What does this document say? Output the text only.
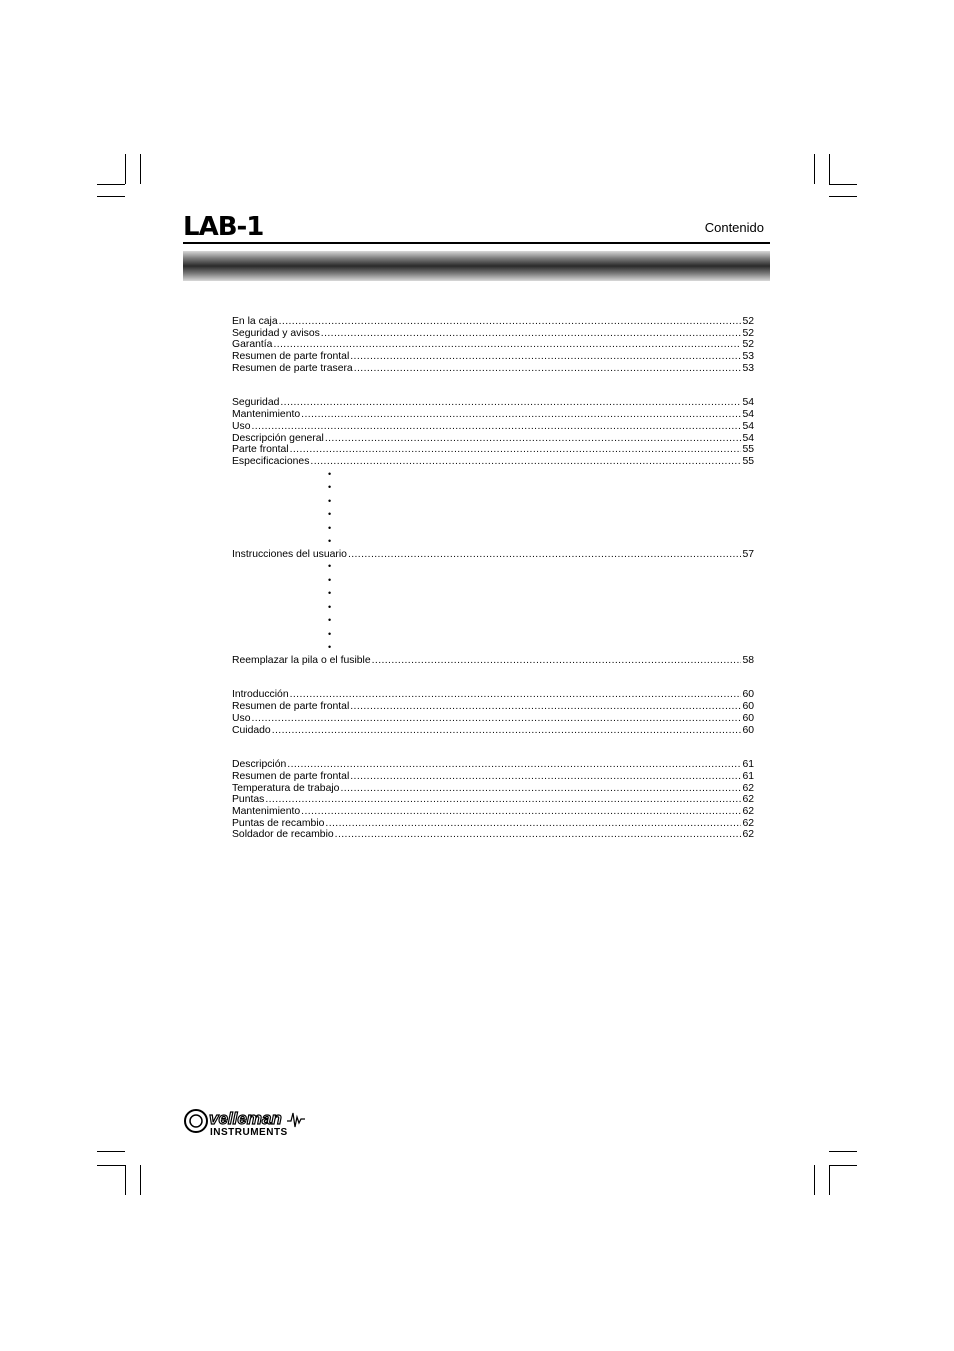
LAB-1	Contenido
En la caja .....	52
Seguridad y avisos .....	52
Garantía .....	52
Resumen de parte frontal .....	53
Resumen de parte trasera .....	53
Seguridad .....	54
Mantenimiento .....	54
Uso .....	54
Descripción general .....	54
Parte frontal .....	55
Especificaciones .....	55
•
•
•
•
•
•
Instrucciones del usuario .....	57
•
•
•
•
•
•
•
Reemplazar la pila o el fusible .....	58
Introducción .....	60
Resumen de parte frontal .....	60
Uso .....	60
Cuidado .....	60
Descripción .....	61
Resumen de parte frontal .....	61
Temperatura de trabajo .....	62
Puntas .....	62
Mantenimiento .....	62
Puntas de recambio .....	62
Soldador de recambio .....	62
velleman
INSTRUMENTS
